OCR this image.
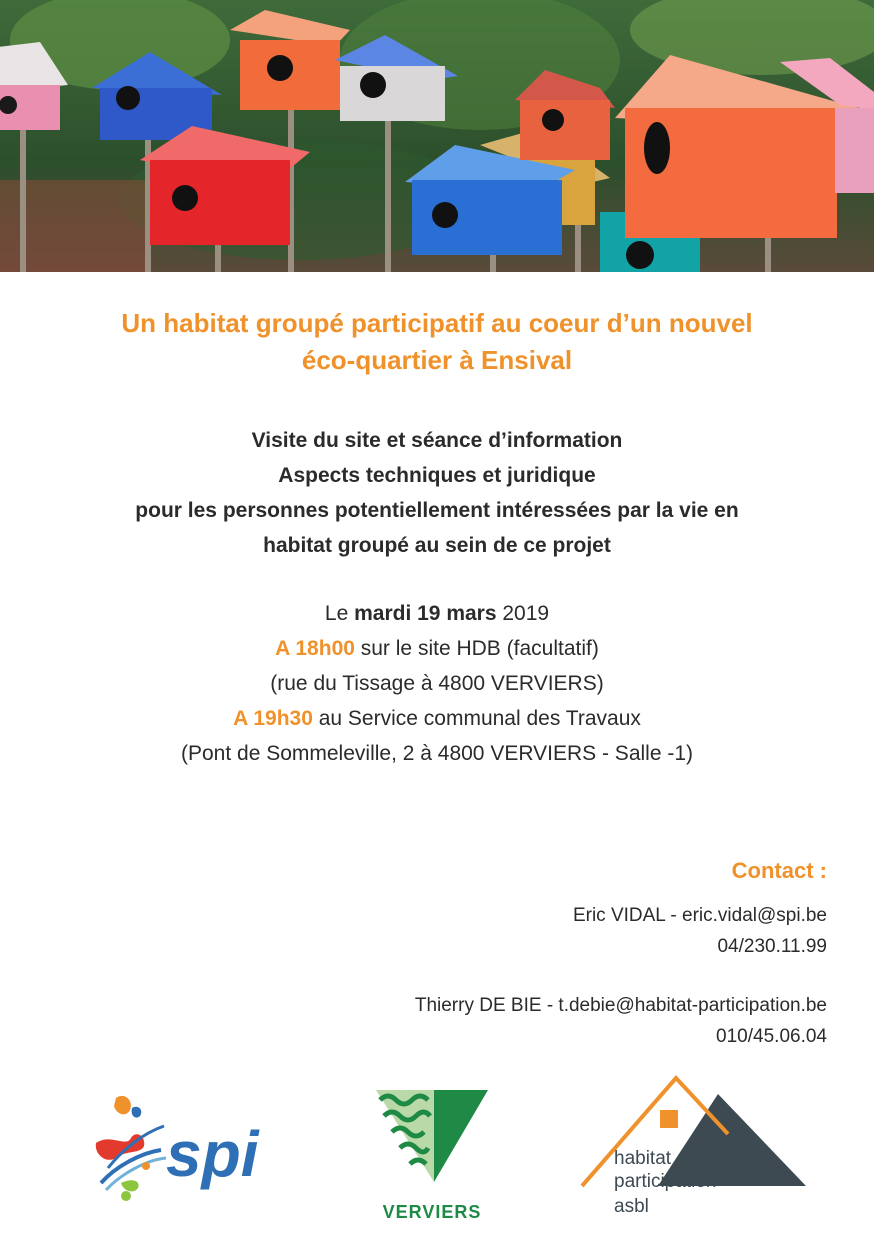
Un habitat groupé participatif au coeur d’un nouvel
éco-quartier à Ensival
Visite du site et séance d’information
Aspects techniques et juridique
pour les personnes potentiellement intéressées par la vie en
habitat groupé au sein de ce projet
Le mardi 19 mars 2019
A 18h00 sur le site HDB (facultatif)
(rue du Tissage à 4800 VERVIERS)
A 19h30 au Service communal des Travaux
(Pont de Sommeleville, 2 à 4800 VERVIERS - Salle -1)
Contact :
Eric VIDAL - eric.vidal@spi.be
04/230.11.99
Thierry DE BIE - t.debie@habitat-participation.be
010/45.06.04
spi
VERVIERS
habitat et
participation
asbl
